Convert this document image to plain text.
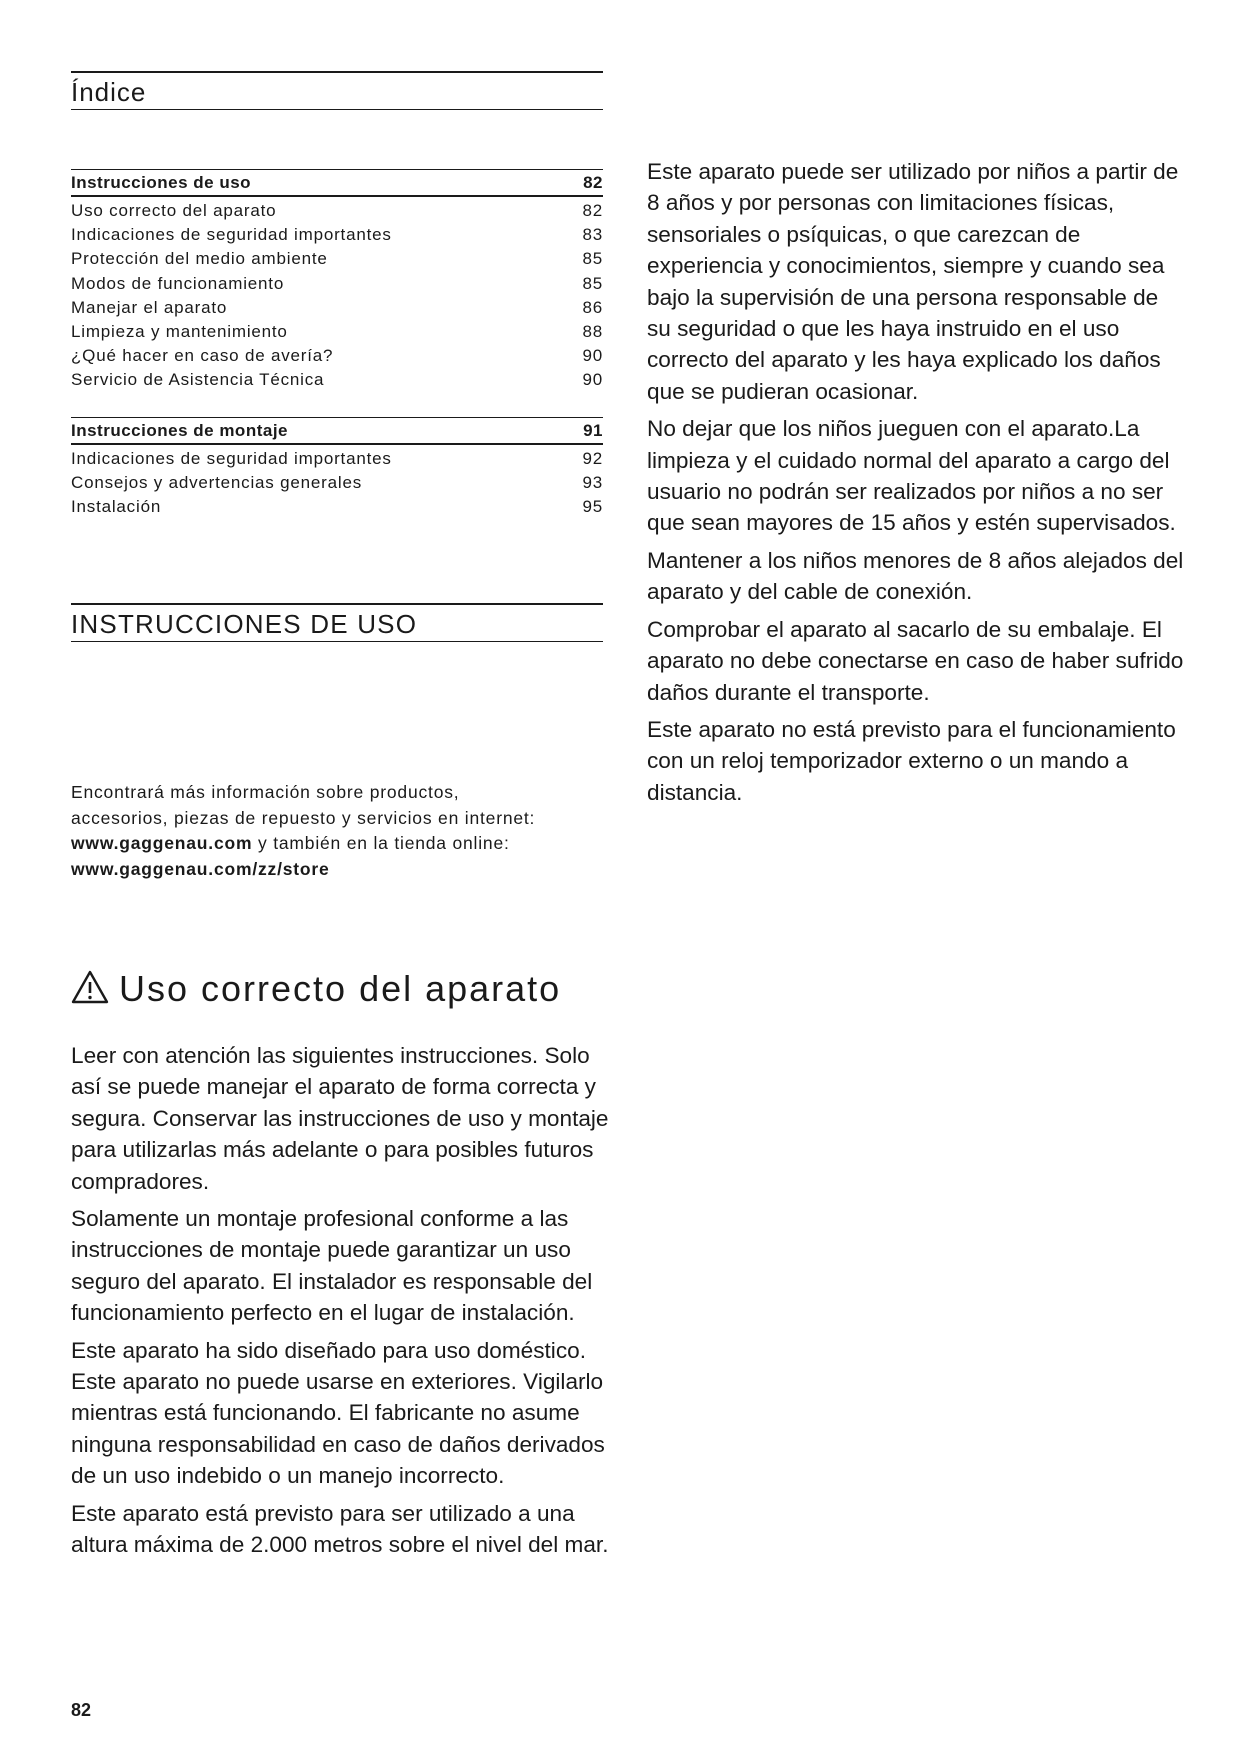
Índice
Instrucciones de uso	82
Uso correcto del aparato	82
Indicaciones de seguridad importantes	83
Protección del medio ambiente	85
Modos de funcionamiento	85
Manejar el aparato	86
Limpieza y mantenimiento	88
¿Qué hacer en caso de avería?	90
Servicio de Asistencia Técnica	90
Instrucciones de montaje	91
Indicaciones de seguridad importantes	92
Consejos y advertencias generales	93
Instalación	95
INSTRUCCIONES DE USO
Encontrará más información sobre productos,
accesorios, piezas de repuesto y servicios en internet:
www.gaggenau.com y también en la tienda online:
www.gaggenau.com/zz/store
Uso correcto del aparato

Leer con atención las siguientes instrucciones. Solo así se puede manejar el aparato de forma correcta y segura. Conservar las instrucciones de uso y montaje para utilizarlas más adelante o para posibles futuros compradores.

Solamente un montaje profesional conforme a las instrucciones de montaje puede garantizar un uso seguro del aparato. El instalador es responsable del funcionamiento perfecto en el lugar de instalación.

Este aparato ha sido diseñado para uso doméstico. Este aparato no puede usarse en exteriores. Vigilarlo mientras está funcionando. El fabricante no asume ninguna responsabilidad en caso de daños derivados de un uso indebido o un manejo incorrecto.

Este aparato está previsto para ser utilizado a una altura máxima de 2.000 metros sobre el nivel del mar.

Este aparato puede ser utilizado por niños a partir de 8 años y por personas con limitaciones físicas, sensoriales o psíquicas, o que carezcan de experiencia y conocimientos, siempre y cuando sea bajo la supervisión de una persona responsable de su seguridad o que les haya instruido en el uso correcto del aparato y les haya explicado los daños que se pudieran ocasionar.

No dejar que los niños jueguen con el aparato.La limpieza y el cuidado normal del aparato a cargo del usuario no podrán ser realizados por niños a no ser que sean mayores de 15 años y estén supervisados.

Mantener a los niños menores de 8 años alejados del aparato y del cable de conexión.

Comprobar el aparato al sacarlo de su embalaje. El aparato no debe conectarse en caso de haber sufrido daños durante el transporte.

Este aparato no está previsto para el funcionamiento con un reloj temporizador externo o un mando a distancia.

82
